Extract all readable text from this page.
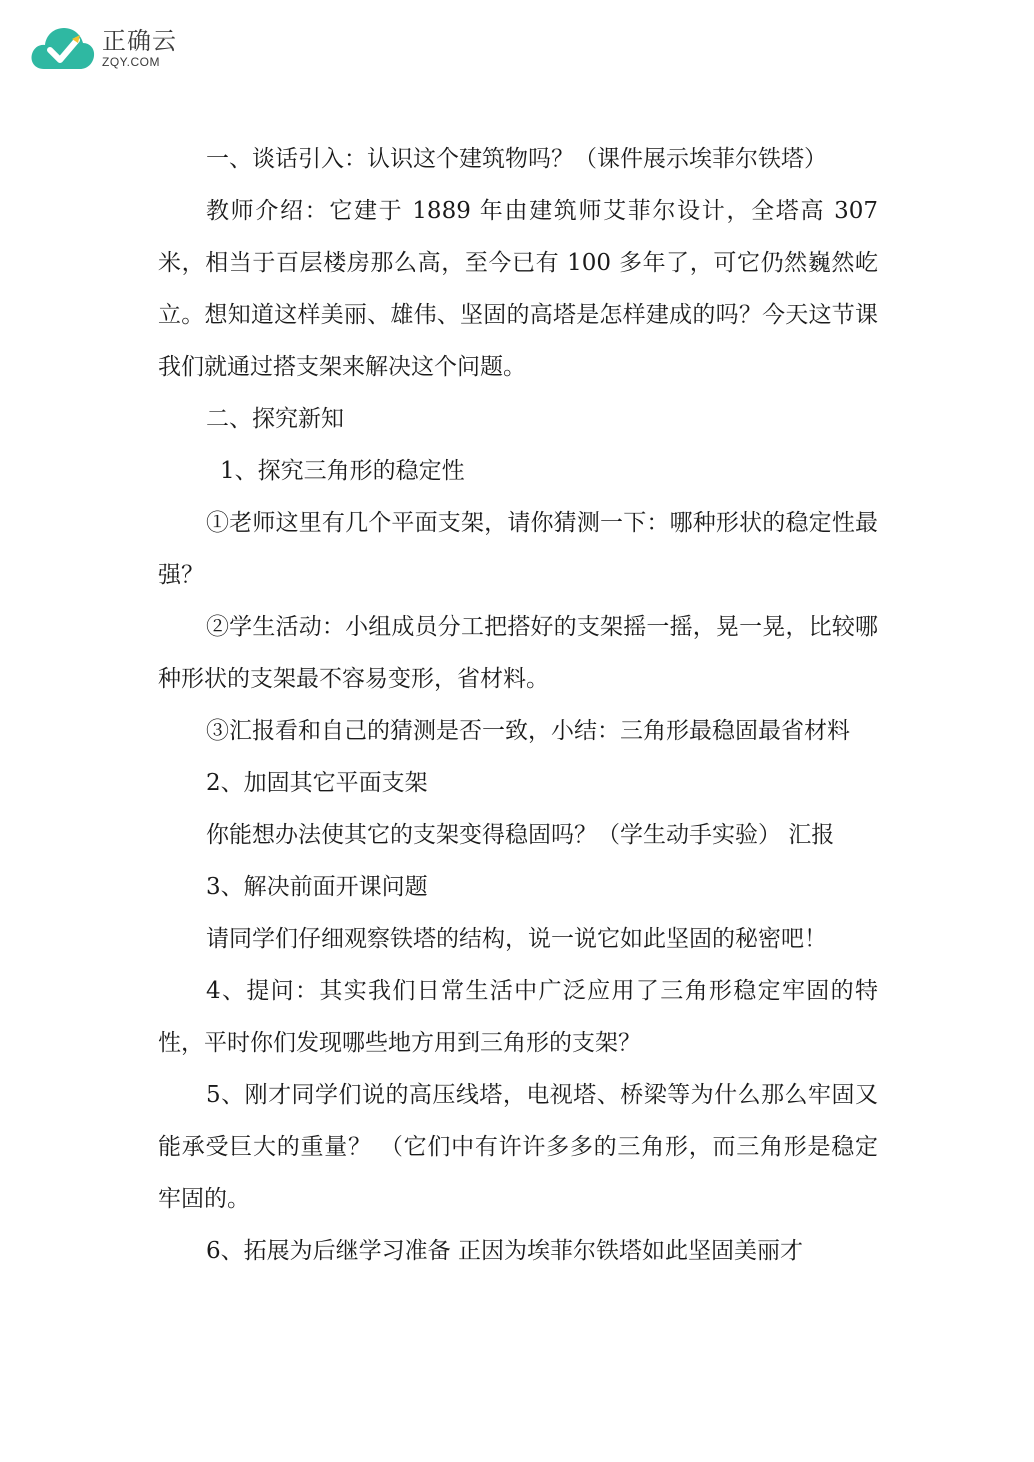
正确云
ZQY.COM

一、谈话引入：认识这个建筑物吗？（课件展示埃菲尔铁塔）

教师介绍：它建于 1889 年由建筑师艾菲尔设计，全塔高 307 米，相当于百层楼房那么高，至今已有 100 多年了，可它仍然巍然屹立。想知道这样美丽、雄伟、坚固的高塔是怎样建成的吗？今天这节课我们就通过搭支架来解决这个问题。

二、探究新知

1、探究三角形的稳定性

①老师这里有几个平面支架，请你猜测一下：哪种形状的稳定性最强？

②学生活动：小组成员分工把搭好的支架摇一摇，晃一晃，比较哪种形状的支架最不容易变形，省材料。

③汇报看和自己的猜测是否一致，小结：三角形最稳固最省材料

2、加固其它平面支架

你能想办法使其它的支架变得稳固吗？（学生动手实验） 汇报

3、解决前面开课问题

请同学们仔细观察铁塔的结构，说一说它如此坚固的秘密吧！

4、提问：其实我们日常生活中广泛应用了三角形稳定牢固的特性，平时你们发现哪些地方用到三角形的支架？

5、刚才同学们说的高压线塔，电视塔、桥梁等为什么那么牢固又能承受巨大的重量？ （它们中有许许多多的三角形，而三角形是稳定牢固的。

6、拓展为后继学习准备 正因为埃菲尔铁塔如此坚固美丽才
